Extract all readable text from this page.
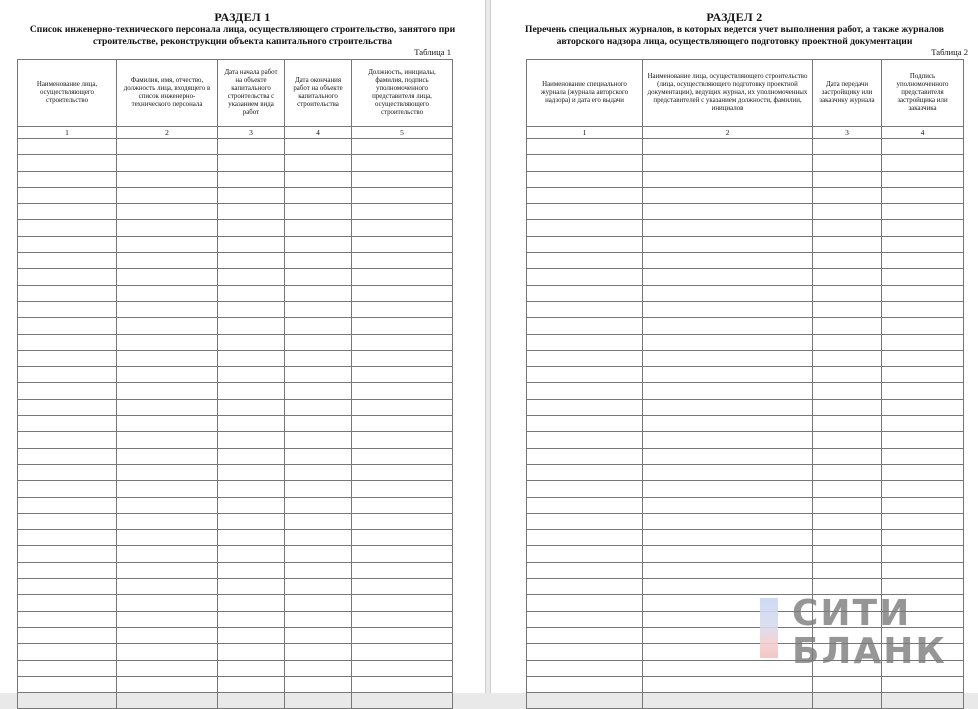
РАЗДЕЛ 1
Список инженерно-технического персонала лица, осуществляющего строительство, занятого при строительстве, реконструкции объекта капитального строительства
Таблица 1
Наименование лица, осуществляющего строительство	Фамилия, имя, отчество, должность лица, входящего в список инженерно-технического персонала	Дата начала работ на объекте капитального строительства с указанием вида работ	Дата окончания работ на объекте капитального строительства	Должность, инициалы, фамилия, подпись уполномоченного представителя лица, осуществляющего строительство
1	2	3	4	5

РАЗДЕЛ 2
Перечень специальных журналов, в которых ведется учет выполнения работ, а также журналов авторского надзора лица, осуществляющего подготовку проектной документации
Таблица 2
Наименование специального журнала (журнала авторского надзора) и дата его выдачи	Наименование лица, осуществляющего строительство (лица, осуществляющего подготовку проектной документации), ведущих журнал, их уполномоченных представителей с указанием должности, фамилии, инициалов	Дата передачи застройщику или заказчику журнала	Подпись уполномоченного представителя застройщика или заказчика
1	2	3	4

СИТИ
БЛАНК
